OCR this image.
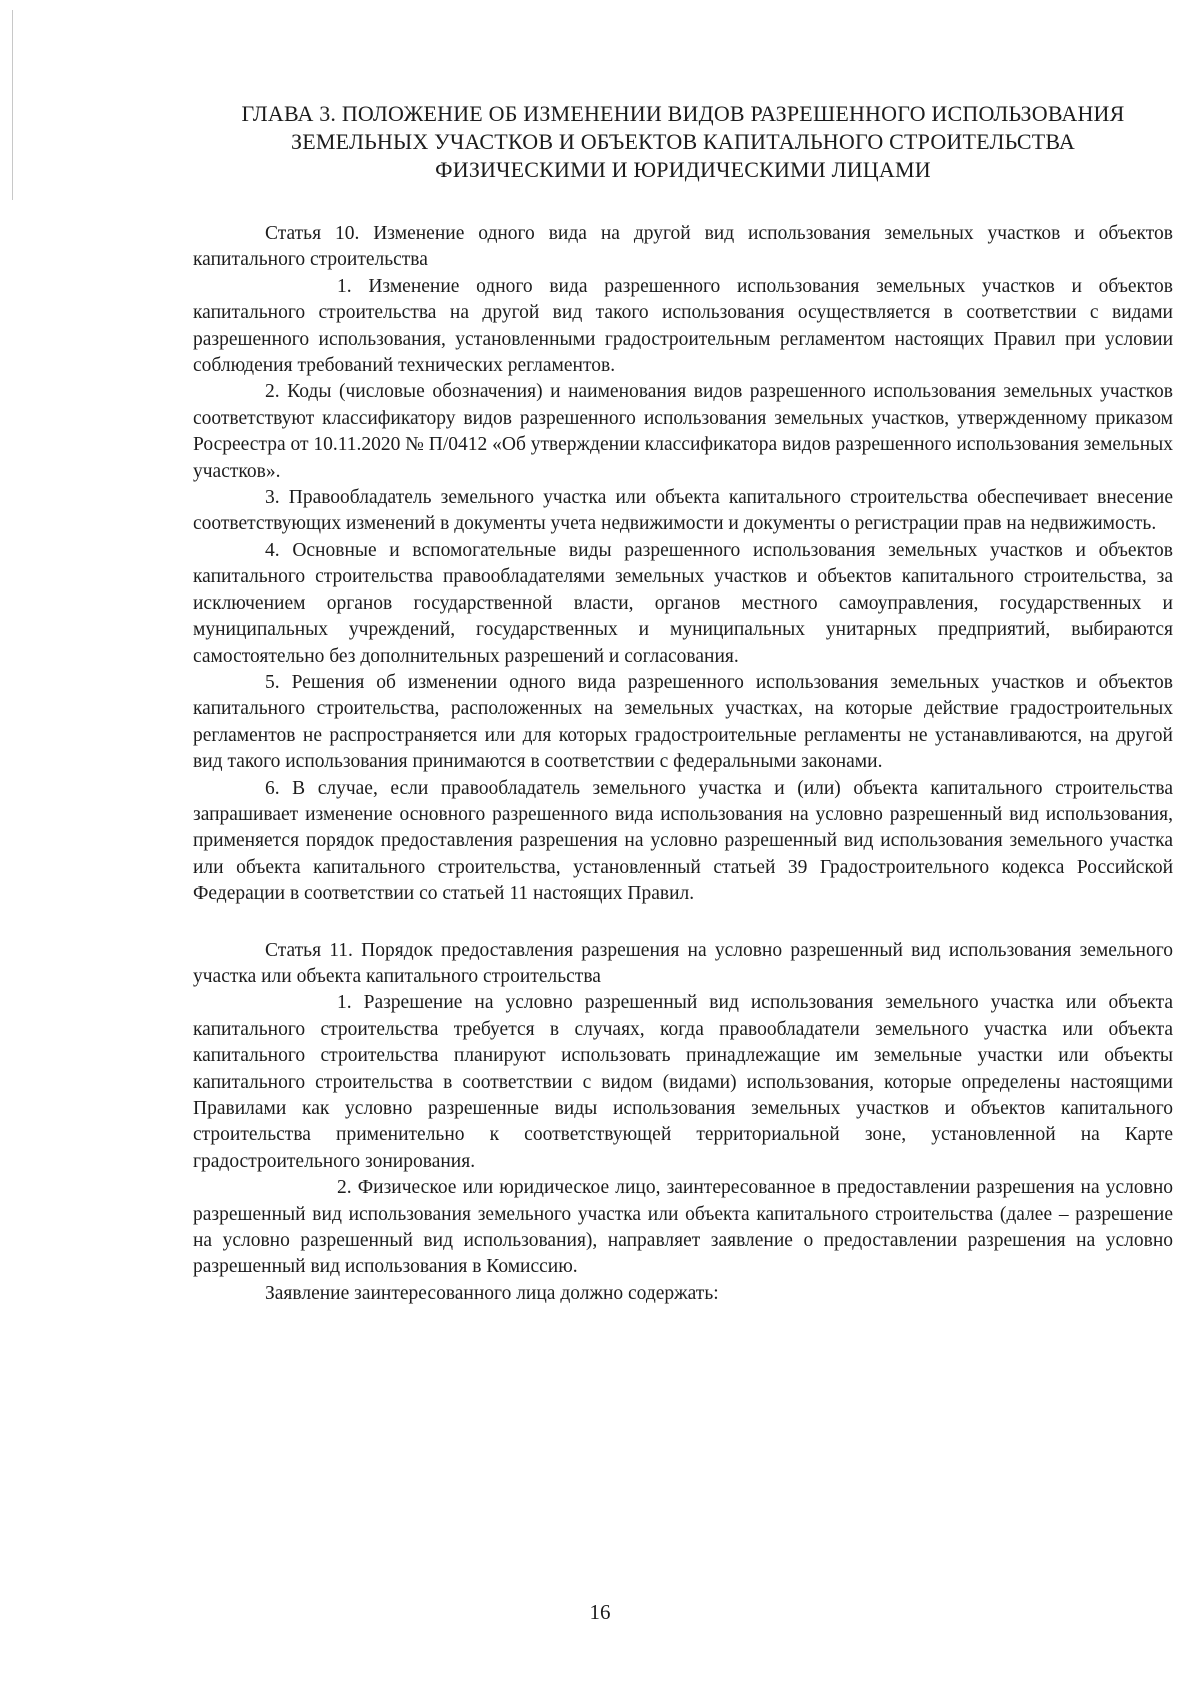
ГЛАВА 3. ПОЛОЖЕНИЕ ОБ ИЗМЕНЕНИИ ВИДОВ РАЗРЕШЕННОГО ИСПОЛЬЗОВАНИЯ
ЗЕМЕЛЬНЫХ УЧАСТКОВ И ОБЪЕКТОВ КАПИТАЛЬНОГО СТРОИТЕЛЬСТВА
ФИЗИЧЕСКИМИ И ЮРИДИЧЕСКИМИ ЛИЦАМИ

Статья 10. Изменение одного вида на другой вид использования земельных участков и объектов капитального строительства

1. Изменение одного вида разрешенного использования земельных участков и объектов капитального строительства на другой вид такого использования осуществляется в соответствии с видами разрешенного использования, установленными градостроительным регламентом настоящих Правил при условии соблюдения требований технических регламентов.

2. Коды (числовые обозначения) и наименования видов разрешенного использования земельных участков соответствуют классификатору видов разрешенного использования земельных участков, утвержденному приказом Росреестра от 10.11.2020 № П/0412 «Об утверждении классификатора видов разрешенного использования земельных участков».

3. Правообладатель земельного участка или объекта капитального строительства обеспечивает внесение соответствующих изменений в документы учета недвижимости и документы о регистрации прав на недвижимость.

4. Основные и вспомогательные виды разрешенного использования земельных участков и объектов капитального строительства правообладателями земельных участков и объектов капитального строительства, за исключением органов государственной власти, органов местного самоуправления, государственных и муниципальных учреждений, государственных и муниципальных унитарных предприятий, выбираются самостоятельно без дополнительных разрешений и согласования.

5. Решения об изменении одного вида разрешенного использования земельных участков и объектов капитального строительства, расположенных на земельных участках, на которые действие градостроительных регламентов не распространяется или для которых градостроительные регламенты не устанавливаются, на другой вид такого использования принимаются в соответствии с федеральными законами.

6. В случае, если правообладатель земельного участка и (или) объекта капитального строительства запрашивает изменение основного разрешенного вида использования на условно разрешенный вид использования, применяется порядок предоставления разрешения на условно разрешенный вид использования земельного участка или объекта капитального строительства, установленный статьей 39 Градостроительного кодекса Российской Федерации в соответствии со статьей 11 настоящих Правил.

Статья 11. Порядок предоставления разрешения на условно разрешенный вид использования земельного участка или объекта капитального строительства

1. Разрешение на условно разрешенный вид использования земельного участка или объекта капитального строительства требуется в случаях, когда правообладатели земельного участка или объекта капитального строительства планируют использовать принадлежащие им земельные участки или объекты капитального строительства в соответствии с видом (видами) использования, которые определены настоящими Правилами как условно разрешенные виды использования земельных участков и объектов капитального строительства применительно к соответствующей территориальной зоне, установленной на Карте градостроительного зонирования.

2. Физическое или юридическое лицо, заинтересованное в предоставлении разрешения на условно разрешенный вид использования земельного участка или объекта капитального строительства (далее – разрешение на условно разрешенный вид использования), направляет заявление о предоставлении разрешения на условно разрешенный вид использования в Комиссию.

Заявление заинтересованного лица должно содержать:

16
